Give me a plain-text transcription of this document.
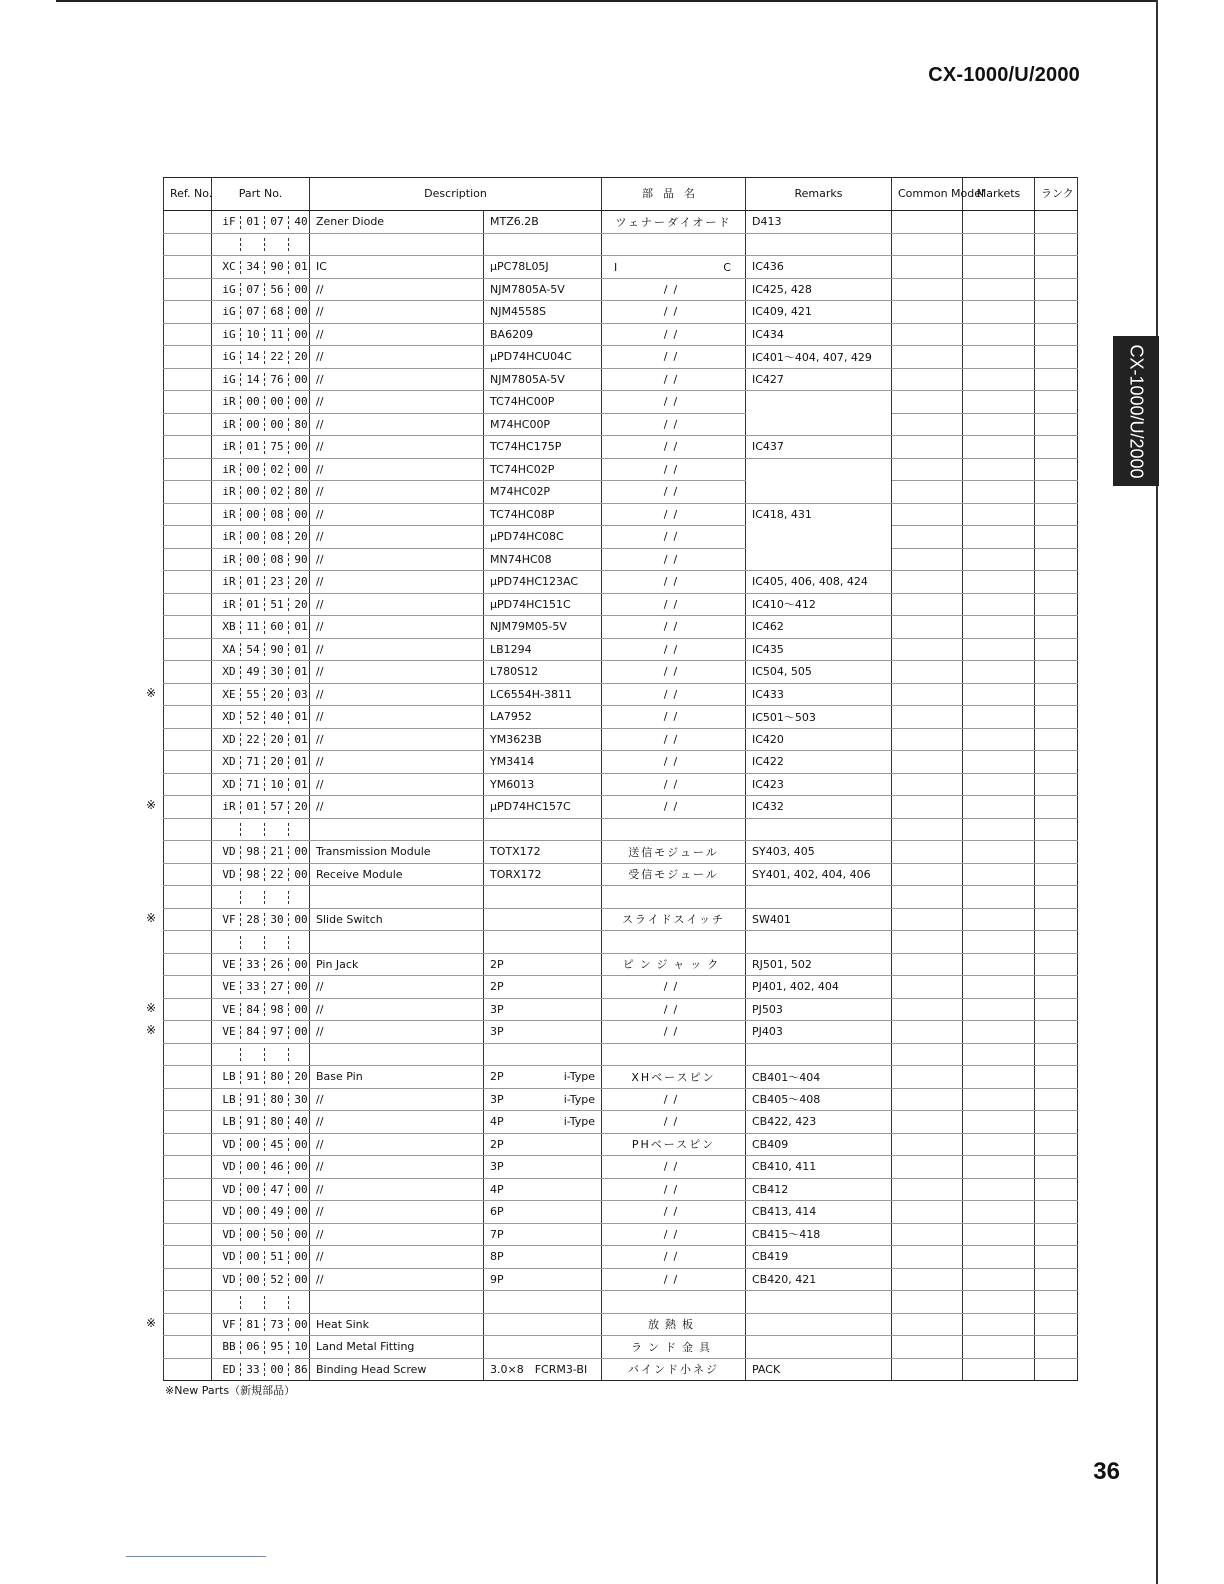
CX-1000/U/2000
CX-1000/U/2000
Ref. No.	Part No.	Description		部品名	Remarks	Common Model	Markets	ランク

	iF 01 07 40	Zener Diode	MTZ6.2B	ツェナーダイオード	D413			

	XC 34 90 01	IC	μPC78L05J	I　　　　　　　　C	IC436			

	iG 07 56 00	//	NJM7805A-5V	//	IC425, 428			

	iG 07 68 00	//	NJM4558S	//	IC409, 421			

	iG 10 11 00	//	BA6209	//	IC434			

	iG 14 22 20	//	μPD74HCU04C	//	IC401～404, 407, 429			

	iG 14 76 00	//	NJM7805A-5V	//	IC427			

	iR 00 00 00	//	TC74HC00P	//				

	iR 00 00 80	//	M74HC00P	//				

	iR 01 75 00	//	TC74HC175P	//	IC437			

	iR 00 02 00	//	TC74HC02P	//				

	iR 00 02 80	//	M74HC02P	//				

	iR 00 08 00	//	TC74HC08P	//	IC418, 431			

	iR 00 08 20	//	μPD74HC08C	//				

	iR 00 08 90	//	MN74HC08	//				

	iR 01 23 20	//	μPD74HC123AC	//	IC405, 406, 408, 424			

	iR 01 51 20	//	μPD74HC151C	//	IC410～412			

	XB 11 60 01	//	NJM79M05-5V	//	IC462			

	XA 54 90 01	//	LB1294	//	IC435			

	XD 49 30 01	//	L780S12	//	IC504, 505			

※	XE 55 20 03	//	LC6554H-3811	//	IC433			

	XD 52 40 01	//	LA7952	//	IC501～503			

	XD 22 20 01	//	YM3623B	//	IC420			

	XD 71 20 01	//	YM3414	//	IC422			

	XD 71 10 01	//	YM6013	//	IC423			

※	iR 01 57 20	//	μPD74HC157C	//	IC432			

	VD 98 21 00	Transmission Module	TOTX172	送信モジュール	SY403, 405			

	VD 98 22 00	Receive Module	TORX172	受信モジュール	SY401, 402, 404, 406			

※	VF 28 30 00	Slide Switch		スライドスイッチ	SW401			

	VE 33 26 00	Pin Jack	2P	ピンジャック	RJ501, 502			

	VE 33 27 00	//	2P	//	PJ401, 402, 404			

※	VE 84 98 00	//	3P	//	PJ503			

※	VE 84 97 00	//	3P	//	PJ403			

	LB 91 80 20	Base Pin	2P i-Type	XHベースピン	CB401～404			

	LB 91 80 30	//	3P i-Type	//	CB405～408			

	LB 91 80 40	//	4P i-Type	//	CB422, 423			

	VD 00 45 00	//	2P	PHベースピン	CB409			

	VD 00 46 00	//	3P	//	CB410, 411			

	VD 00 47 00	//	4P	//	CB412			

	VD 00 49 00	//	6P	//	CB413, 414			

	VD 00 50 00	//	7P	//	CB415～418			

	VD 00 51 00	//	8P	//	CB419			

	VD 00 52 00	//	9P	//	CB420, 421			

※	VF 81 73 00	Heat Sink		放熱板				

	BB 06 95 10	Land Metal Fitting		ランド金具				

	ED 33 00 86	Binding Head Screw	3.0×8　FCRM3-BI	バインド小ネジ	PACK			
※New Parts（新規部品）
36
